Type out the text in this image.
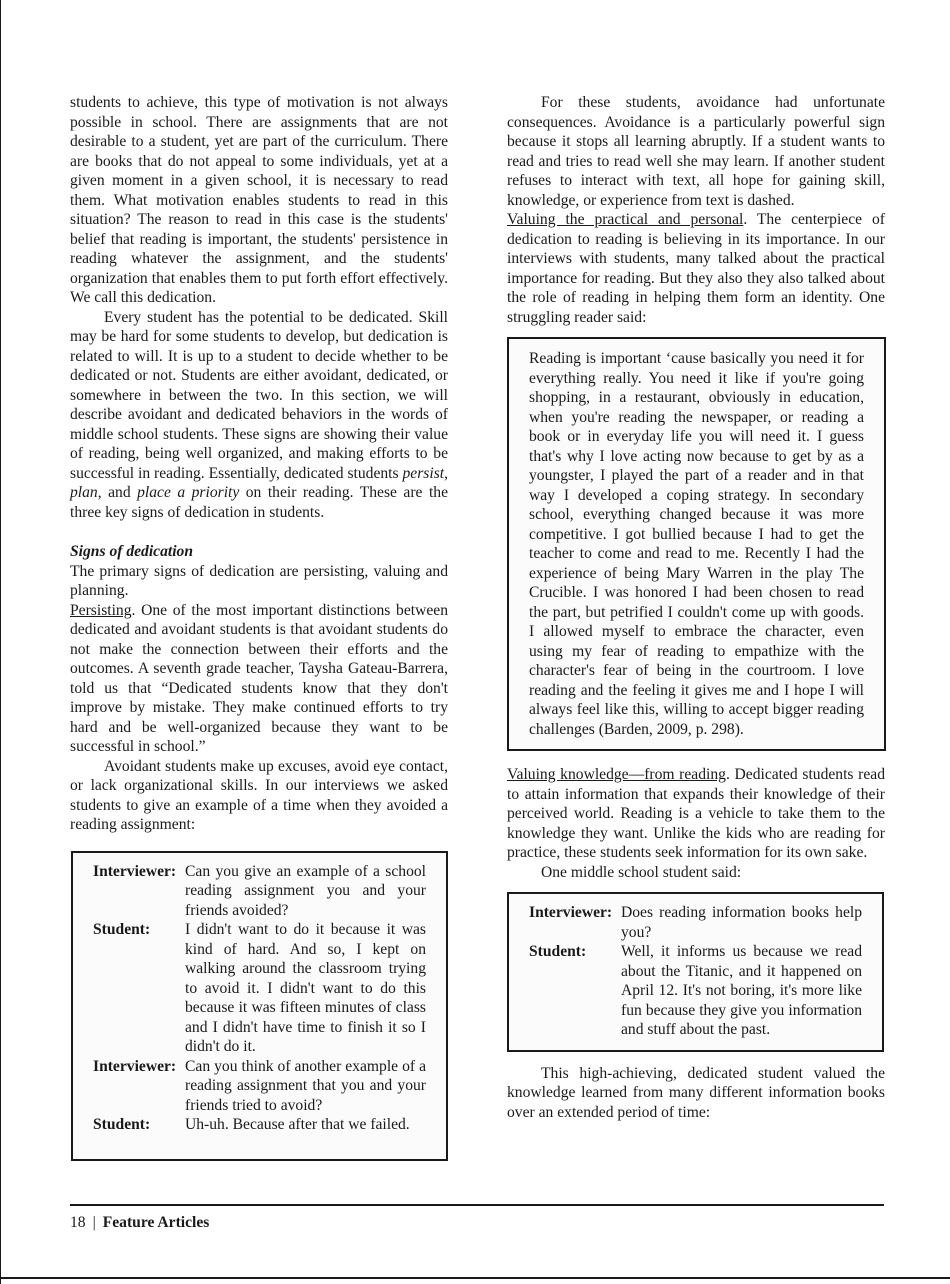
students to achieve, this type of motivation is not always possible in school. There are assignments that are not desirable to a student, yet are part of the curriculum. There are books that do not appeal to some individuals, yet at a given moment in a given school, it is necessary to read them. What motivation enables students to read in this situation? The reason to read in this case is the students' belief that reading is important, the students' persistence in reading whatever the assignment, and the students' organization that enables them to put forth effort effectively. We call this dedication.

Every student has the potential to be dedicated. Skill may be hard for some students to develop, but dedication is related to will. It is up to a student to decide whether to be dedicated or not. Students are either avoidant, dedicated, or somewhere in between the two. In this section, we will describe avoidant and dedicated behaviors in the words of middle school students. These signs are showing their value of reading, being well organized, and making efforts to be successful in reading. Essentially, dedicated students persist, plan, and place a priority on their reading. These are the three key signs of dedication in students.

Signs of dedication

The primary signs of dedication are persisting, valuing and planning.

Persisting. One of the most important distinctions between dedicated and avoidant students is that avoidant students do not make the connection between their efforts and the outcomes. A seventh grade teacher, Taysha Gateau-Barrera, told us that “Dedicated students know that they don't improve by mistake. They make continued efforts to try hard and be well-organized because they want to be successful in school.”

Avoidant students make up excuses, avoid eye contact, or lack organizational skills. In our interviews we asked students to give an example of a time when they avoided a reading assignment:

Interviewer: Can you give an example of a school reading assignment you and your friends avoided?
Student:	I didn't want to do it because it was kind of hard. And so, I kept on walking around the classroom trying to avoid it. I didn't want to do this because it was fifteen minutes of class and I didn't have time to finish it so I didn't do it.
Interviewer: Can you think of another example of a reading assignment that you and your friends tried to avoid?
Student:	Uh-uh. Because after that we failed.

For these students, avoidance had unfortunate consequences. Avoidance is a particularly powerful sign because it stops all learning abruptly. If a student wants to read and tries to read well she may learn. If another student refuses to interact with text, all hope for gaining skill, knowledge, or experience from text is dashed.

Valuing the practical and personal. The centerpiece of dedication to reading is believing in its importance. In our interviews with students, many talked about the practical importance for reading. But they also they also talked about the role of reading in helping them form an identity. One struggling reader said:

Reading is important ‘cause basically you need it for everything really. You need it like if you're going shopping, in a restaurant, obviously in education, when you're reading the newspaper, or reading a book or in everyday life you will need it. I guess that's why I love acting now because to get by as a youngster, I played the part of a reader and in that way I developed a coping strategy. In secondary school, everything changed because it was more competitive. I got bullied because I had to get the teacher to come and read to me. Recently I had the experience of being Mary Warren in the play The Crucible. I was honored I had been chosen to read the part, but petrified I couldn't come up with goods. I allowed myself to embrace the character, even using my fear of reading to empathize with the character's fear of being in the courtroom. I love reading and the feeling it gives me and I hope I will always feel like this, willing to accept bigger reading challenges (Barden, 2009, p. 298).

Valuing knowledge—from reading. Dedicated students read to attain information that expands their knowledge of their perceived world. Reading is a vehicle to take them to the knowledge they want. Unlike the kids who are reading for practice, these students seek information for its own sake.

One middle school student said:

Interviewer: Does reading information books help you?
Student:	Well, it informs us because we read about the Titanic, and it happened on April 12. It's not boring, it's more like fun because they give you information and stuff about the past.

This high-achieving, dedicated student valued the knowledge learned from many different information books over an extended period of time:

18 | Feature Articles
